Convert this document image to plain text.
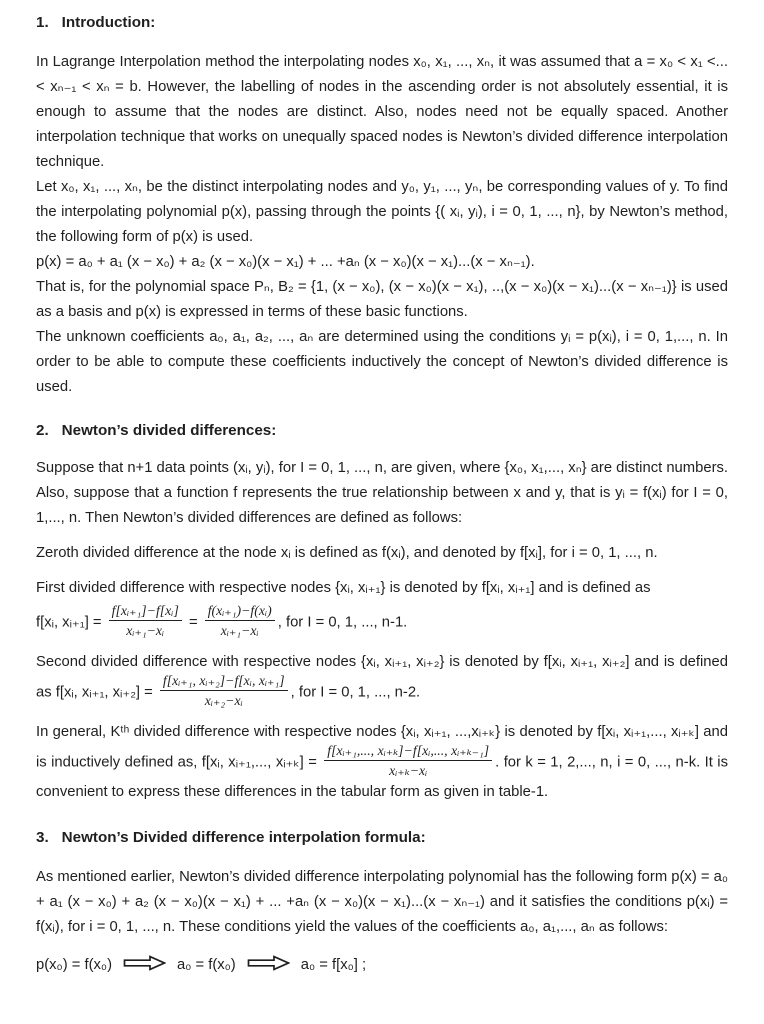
1. Introduction:

In Lagrange Interpolation method the interpolating nodes x₀, x₁, ..., xₙ, it was assumed that a = x₀ < x₁ <...< xₙ₋₁ < xₙ = b. However, the labelling of nodes in the ascending order is not absolutely essential, it is enough to assume that the nodes are distinct. Also, nodes need not be equally spaced. Another interpolation technique that works on unequally spaced nodes is Newton’s divided difference interpolation technique.

Let x₀, x₁, ..., xₙ, be the distinct interpolating nodes and y₀, y₁, ..., yₙ, be corresponding values of y. To find the interpolating polynomial p(x), passing through the points {( xᵢ, yᵢ), i = 0, 1, ..., n}, by Newton’s method, the following form of p(x) is used.

p(x) = a₀ + a₁ (x − x₀) + a₂ (x − x₀)(x − x₁) + ... +aₙ (x − x₀)(x − x₁)...(x − xₙ₋₁).

That is, for the polynomial space Pₙ, B₂ = {1, (x − x₀), (x − x₀)(x − x₁), ..,(x − x₀)(x − x₁)...(x − xₙ₋₁)} is used as a basis and p(x) is expressed in terms of these basic functions.

The unknown coefficients a₀, a₁, a₂, ..., aₙ are determined using the conditions yᵢ = p(xᵢ), i = 0, 1,..., n. In order to be able to compute these coefficients inductively the concept of Newton’s divided difference is used.

2. Newton’s divided differences:

Suppose that n+1 data points (xᵢ, yᵢ), for I = 0, 1, ..., n, are given, where {x₀, x₁,..., xₙ} are distinct numbers. Also, suppose that a function f represents the true relationship between x and y, that is yᵢ = f(xᵢ) for I = 0, 1,..., n. Then Newton’s divided differences are defined as follows:

Zeroth divided difference at the node xᵢ is defined as f(xᵢ), and denoted by f[xᵢ], for i = 0, 1, ..., n.

First divided difference with respective nodes {xᵢ, xᵢ₊₁} is denoted by f[xᵢ, xᵢ₊₁] and is defined as

f[xᵢ, xᵢ₊₁] = $\frac{\text{f[xᵢ₊₁]−f[xᵢ]}}{\text{xᵢ₊₁−xᵢ}} = \frac{\text{f(xᵢ₊₁)−f(xᵢ)}}{\text{xᵢ₊₁−xᵢ}}$ , for I = 0, 1, ..., n-1.

Second divided difference with respective nodes {xᵢ, xᵢ₊₁, xᵢ₊₂} is denoted by f[xᵢ, xᵢ₊₁, xᵢ₊₂] and is defined as f[xᵢ, xᵢ₊₁, xᵢ₊₂] = $\frac{\text{f[xᵢ₊₁, xᵢ₊₂]−f[xᵢ, xᵢ₊₁]}}{\text{xᵢ₊₂−xᵢ}}$ , for I = 0, 1, ..., n-2.

In general, Kᵗʰ divided difference with respective nodes {xᵢ, xᵢ₊₁, ...,xᵢ₊ₖ} is denoted by f[xᵢ, xᵢ₊₁,..., xᵢ₊ₖ] and is inductively defined as, f[xᵢ, xᵢ₊₁,..., xᵢ₊ₖ] = $\frac{\text{f[xᵢ₊₁,..., xᵢ₊ₖ]−f[xᵢ,..., xᵢ₊ₖ₋₁]}}{\text{xᵢ₊ₖ−xᵢ}}$ . for k = 1, 2,..., n, i = 0, ..., n-k. It is convenient to express these differences in the tabular form as given in table-1.

3. Newton’s Divided difference interpolation formula:

As mentioned earlier, Newton’s divided difference interpolating polynomial has the following form p(x) = a₀ + a₁ (x − x₀) + a₂ (x − x₀)(x − x₁) + ... +aₙ (x − x₀)(x − x₁)...(x − xₙ₋₁) and it satisfies the conditions p(xᵢ) = f(xᵢ), for i = 0, 1, ..., n. These conditions yield the values of the coefficients a₀, a₁,..., aₙ as follows:

p(x₀) = f(x₀)	a₀ = f(x₀)	a₀ = f[x₀] ;
